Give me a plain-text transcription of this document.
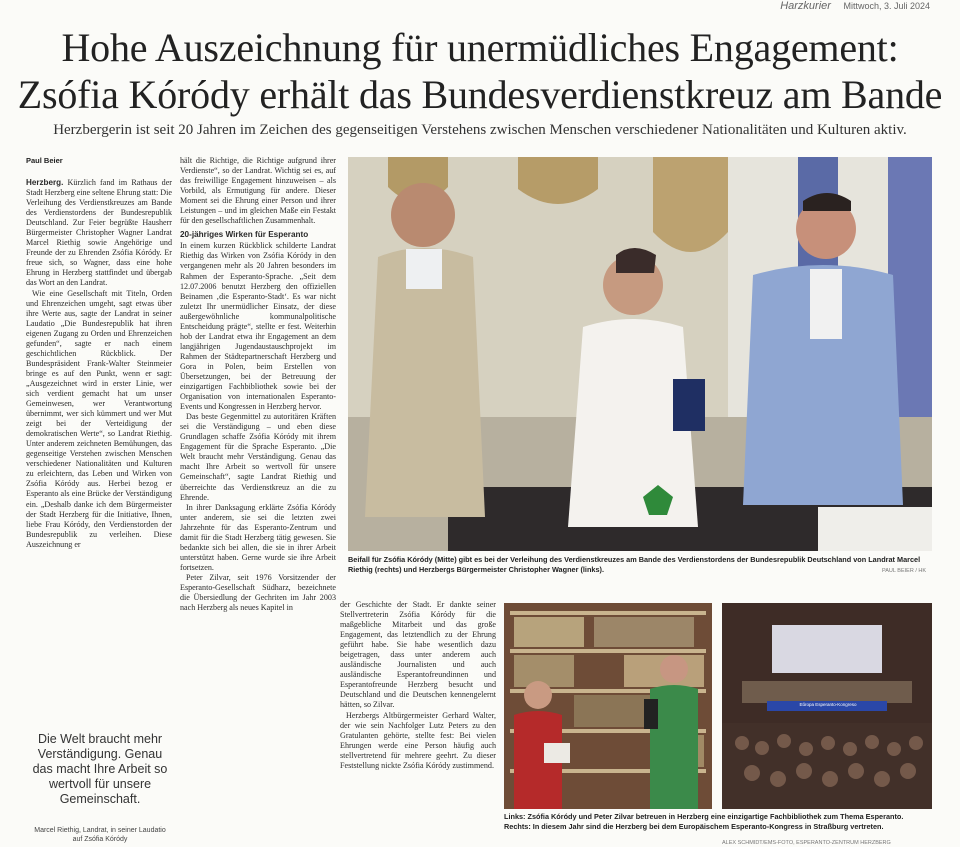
Harzkurier Mittwoch, 3. Juli 2024
Hohe Auszeichnung für unermüdliches Engagement:
Zsófia Kóródy erhält das Bundesverdienstkreuz am Bande
Herzbergerin ist seit 20 Jahren im Zeichen des gegenseitigen Verstehens zwischen Menschen verschiedener Nationalitäten und Kulturen aktiv.
Paul Beier

Herzberg. Kürzlich fand im Rathaus der Stadt Herzberg eine seltene Ehrung statt: Die Verleihung des Verdienstkreuzes am Bande des Verdienstordens der Bundesrepublik Deutschland. Zur Feier begrüßte Hausherr Bürgermeister Christopher Wagner Landrat Marcel Riethig sowie Angehörige und Freunde der zu Ehrenden Zsófia Kóródy. Er freue sich, so Wagner, dass eine hohe Ehrung in Herzberg stattfindet und übergab das Wort an den Landrat.

Wie eine Gesellschaft mit Titeln, Orden und Ehrenzeichen umgeht, sagt etwas über ihre Werte aus, sagte der Landrat in seiner Laudatio „Die Bundesrepublik hat ihren eigenen Zugang zu Orden und Ehrenzeichen gefunden“, sagte er nach einem geschichtlichen Rückblick. Der Bundespräsident Frank-Walter Steinmeier bringe es auf den Punkt, wenn er sagt: „Ausgezeichnet wird in erster Linie, wer sich verdient gemacht hat um unser Gemeinwesen, wer Verantwortung übernimmt, wer sich kümmert und wer Mut zeigt bei der Verteidigung der demokratischen Werte“, so Landrat Riethig. Unter anderem zeichneten Bemühungen, das gegenseitige Verstehen zwischen Menschen verschiedener Nationalitäten und Kulturen zu erleichtern, das Leben und Wirken von Zsófia Kóródy aus. Herbei bezog er Esperanto als eine Brücke der Verständigung ein. „Deshalb danke ich dem Bürgermeister der Stadt Herzberg für die Initiative, Ihnen, liebe Frau Kóródy, den Verdienstorden der Bundesrepublik zu verleihen. Diese Auszeichnung er

Die Welt braucht mehr Verständigung. Genau das macht Ihre Arbeit so wertvoll für unsere Gemeinschaft.
Marcel Riethig, Landrat, in seiner Laudatio auf Zsófia Kóródy

hält die Richtige, die Richtige aufgrund ihrer Verdienste“, so der Landrat. Wichtig sei es, auf das freiwillige Engagement hinzuweisen – als Vorbild, als Ermutigung für andere. Dieser Moment sei die Ehrung einer Person und ihrer Leistungen – und im gleichen Maße ein Festakt für den gesellschaftlichen Zusammenhalt.

20-jähriges Wirken für Esperanto

In einem kurzen Rückblick schilderte Landrat Riethig das Wirken von Zsófia Kóródy in den vergangenen mehr als 20 Jahren besonders im Rahmen der Esperanto-Sprache. „Seit dem 12.07.2006 benutzt Herzberg den offiziellen Beinamen ‚die Esperanto-Stadt‘. Es war nicht zuletzt Ihr unermüdlicher Einsatz, der diese außergewöhnliche kommunalpolitische Entscheidung prägte“, stellte er fest. Weiterhin hob der Landrat etwa ihr Engagement an dem langjährigen Jugendaustauschprojekt im Rahmen der Städtepartnerschaft Herzberg und Gora in Polen, beim Erstellen von Übersetzungen, bei der Betreuung der einzigartigen Fachbibliothek sowie bei der Organisation von internationalen Esperanto-Events und Kongressen in Herzberg hervor.

Das beste Gegenmittel zu autoritären Kräften sei die Verständigung – und eben diese Grundlagen schaffe Zsófia Kóródy mit ihrem Engagement für die Sprache Esperanto. „Die Welt braucht mehr Verständigung. Genau das macht Ihre Arbeit so wertvoll für unsere Gemeinschaft“, sagte Landrat Riethig und überreichte das Verdienstkreuz an die zu Ehrende.

In ihrer Danksagung erklärte Zsófia Kóródy unter anderem, sie sei die letzten zwei Jahrzehnte für das Esperanto-Zentrum und damit für die Stadt Herzberg tätig gewesen. Sie bedankte sich bei allen, die sie in ihrer Arbeit unterstützt haben. Gerne wurde sie ihre Arbeit fortsetzen.

Peter Zilvar, seit 1976 Vorsitzender der Esperanto-Gesellschaft Südharz, bezeichnete die Übersiedlung der Gechriten im Jahr 2003 nach Herzberg als neues Kapitel in	der Geschichte der Stadt. Er dankte seiner Stellvertreterin Zsófia Kóródy für die maßgebliche Mitarbeit und das große Engagement, das letztendlich zu der Ehrung geführt habe. Sie habe wesentlich dazu beigetragen, dass unter anderem auch ausländische Journalisten und auch ausländische Esperantofreundinnen und Esperantofreunde Herzberg besucht und Deutschland und die Deutschen kennengelernt hätten, so Zilvar.

Herzbergs Altbürgermeister Gerhard Walter, der wie sein Nachfolger Lutz Peters zu den Gratulanten gehörte, stellte fest: Bei vielen Ehrungen werde eine Person häufig auch stellvertretend für mehrere geehrt. Zu dieser Feststellung nickte Zsófia Kóródy zustimmend.

Beifall für Zsófia Kóródy (Mitte) gibt es bei der Verleihung des Verdienstkreuzes am Bande des Verdienstordens der Bundesrepublik Deutschland von Landrat Marcel Riethig (rechts) und Herzbergs Bürgermeister Christopher Wagner (links).	PAUL BEIER / HK
Eŭropa Esperanto-Kongreso
Links: Zsófia Kóródy und Peter Zilvar betreuen in Herzberg eine einzigartige Fachbibliothek zum Thema Esperanto. Rechts: In diesem Jahr sind die Herzberg bei dem Europäischem Esperanto-Kongress in Straßburg vertreten.
ALEX SCHMIDT/EMS-FOTO, ESPERANTO-ZENTRUM HERZBERG
